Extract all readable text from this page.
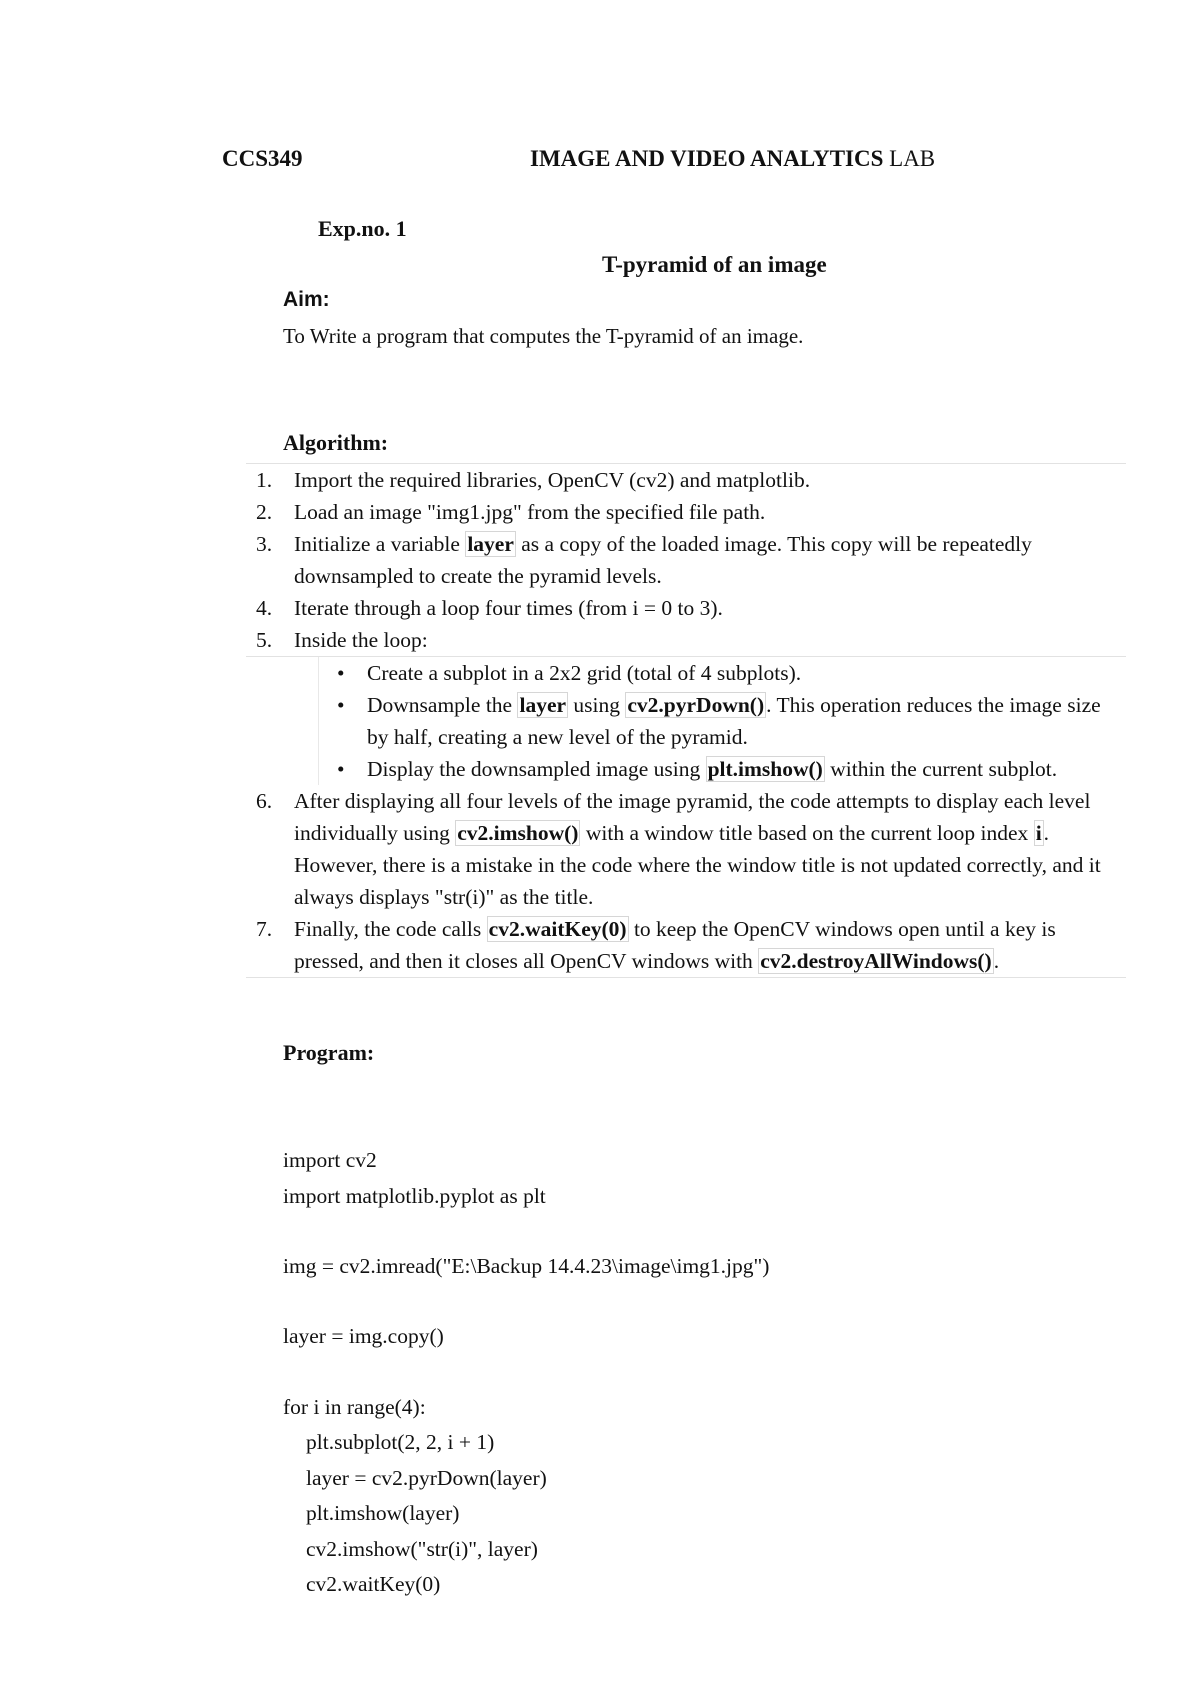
CCS349	IMAGE AND VIDEO ANALYTICS LAB
Exp.no. 1
T-pyramid of an image
Aim:
To Write a program that computes the T-pyramid of an image.
Algorithm:
1. Import the required libraries, OpenCV (cv2) and matplotlib.
2. Load an image "img1.jpg" from the specified file path.
3. Initialize a variable layer as a copy of the loaded image. This copy will be repeatedly downsampled to create the pyramid levels.
4. Iterate through a loop four times (from i = 0 to 3).
5. Inside the loop:
• Create a subplot in a 2x2 grid (total of 4 subplots).
• Downsample the layer using cv2.pyrDown(). This operation reduces the image size by half, creating a new level of the pyramid.
• Display the downsampled image using plt.imshow() within the current subplot.
6. After displaying all four levels of the image pyramid, the code attempts to display each level individually using cv2.imshow() with a window title based on the current loop index i. However, there is a mistake in the code where the window title is not updated correctly, and it always displays "str(i)" as the title.
7. Finally, the code calls cv2.waitKey(0) to keep the OpenCV windows open until a key is pressed, and then it closes all OpenCV windows with cv2.destroyAllWindows().
Program:
import cv2
import matplotlib.pyplot as plt
img = cv2.imread("E:\Backup 14.4.23\image\img1.jpg")
layer = img.copy()
for i in range(4):
plt.subplot(2, 2, i + 1)
layer = cv2.pyrDown(layer)
plt.imshow(layer)
cv2.imshow("str(i)", layer)
cv2.waitKey(0)
